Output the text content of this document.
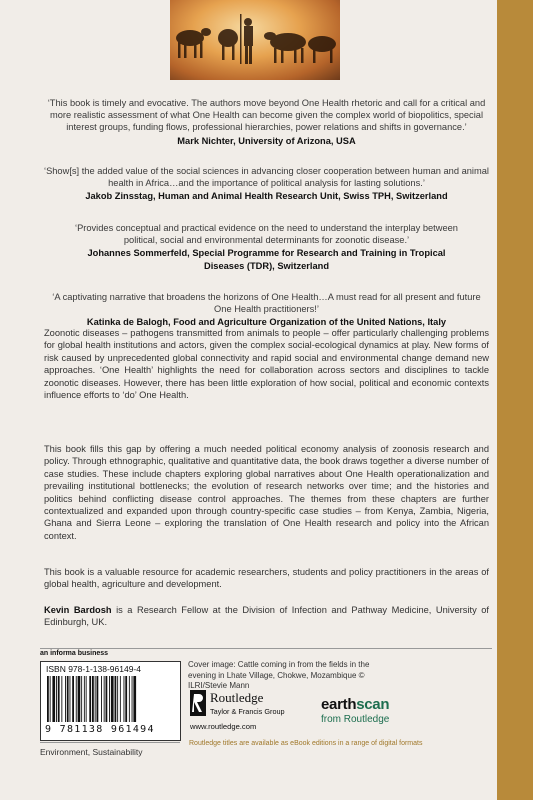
‘This book is timely and evocative. The authors move beyond One Health rhetoric and call for a critical and more realistic assessment of what One Health can become given the complex world of biopolitics, special interest groups, funding flows, professional hierarchies, power relations and shifts in governance.’
Mark Nichter, University of Arizona, USA
‘Show[s] the added value of the social sciences in advancing closer cooperation between human and animal health in Africa…and the importance of political analysis for lasting solutions.’
Jakob Zinsstag, Human and Animal Health Research Unit, Swiss TPH, Switzerland
‘Provides conceptual and practical evidence on the need to understand the interplay between political, social and environmental determinants for zoonotic disease.’
Johannes Sommerfeld, Special Programme for Research and Training in Tropical Diseases (TDR), Switzerland
‘A captivating narrative that broadens the horizons of One Health…A must read for all present and future One Health practitioners!’
Katinka de Balogh, Food and Agriculture Organization of the United Nations, Italy

Zoonotic diseases – pathogens transmitted from animals to people – offer particularly challenging problems for global health institutions and actors, given the complex social-ecological dynamics at play. New forms of risk caused by unprecedented global connectivity and rapid social and environmental change demand new approaches. ‘One Health’ highlights the need for collaboration across sectors and disciplines to tackle zoonotic diseases. However, there has been little exploration of how social, political and economic contexts influence efforts to ‘do’ One Health.

This book fills this gap by offering a much needed political economy analysis of zoonosis research and policy. Through ethnographic, qualitative and quantitative data, the book draws together a diverse number of case studies. These include chapters exploring global narratives about One Health operationalization and prevailing institutional bottlenecks; the evolution of research networks over time; and the histories and politics behind conflicting disease control approaches. The themes from these chapters are further contextualized and expanded upon through country-specific case studies – from Kenya, Zambia, Nigeria, Ghana and Sierra Leone – exploring the translation of One Health research and policy into the African context.

This book is a valuable resource for academic researchers, students and policy practitioners in the areas of global health, agriculture and development.

Kevin Bardosh is a Research Fellow at the Division of Infection and Pathway Medicine, University of Edinburgh, UK.

an informa business
ISBN 978-1-138-96149-4
9 781138 961494
Cover image: Cattle coming in from the fields in the evening in Lhate Village, Chokwe, Mozambique © ILRI/Stevie Mann
Routledge
Taylor & Francis Group
www.routledge.com
earthscan
from Routledge
Routledge titles are available as eBook editions in a range of digital formats
Environment, Sustainability
